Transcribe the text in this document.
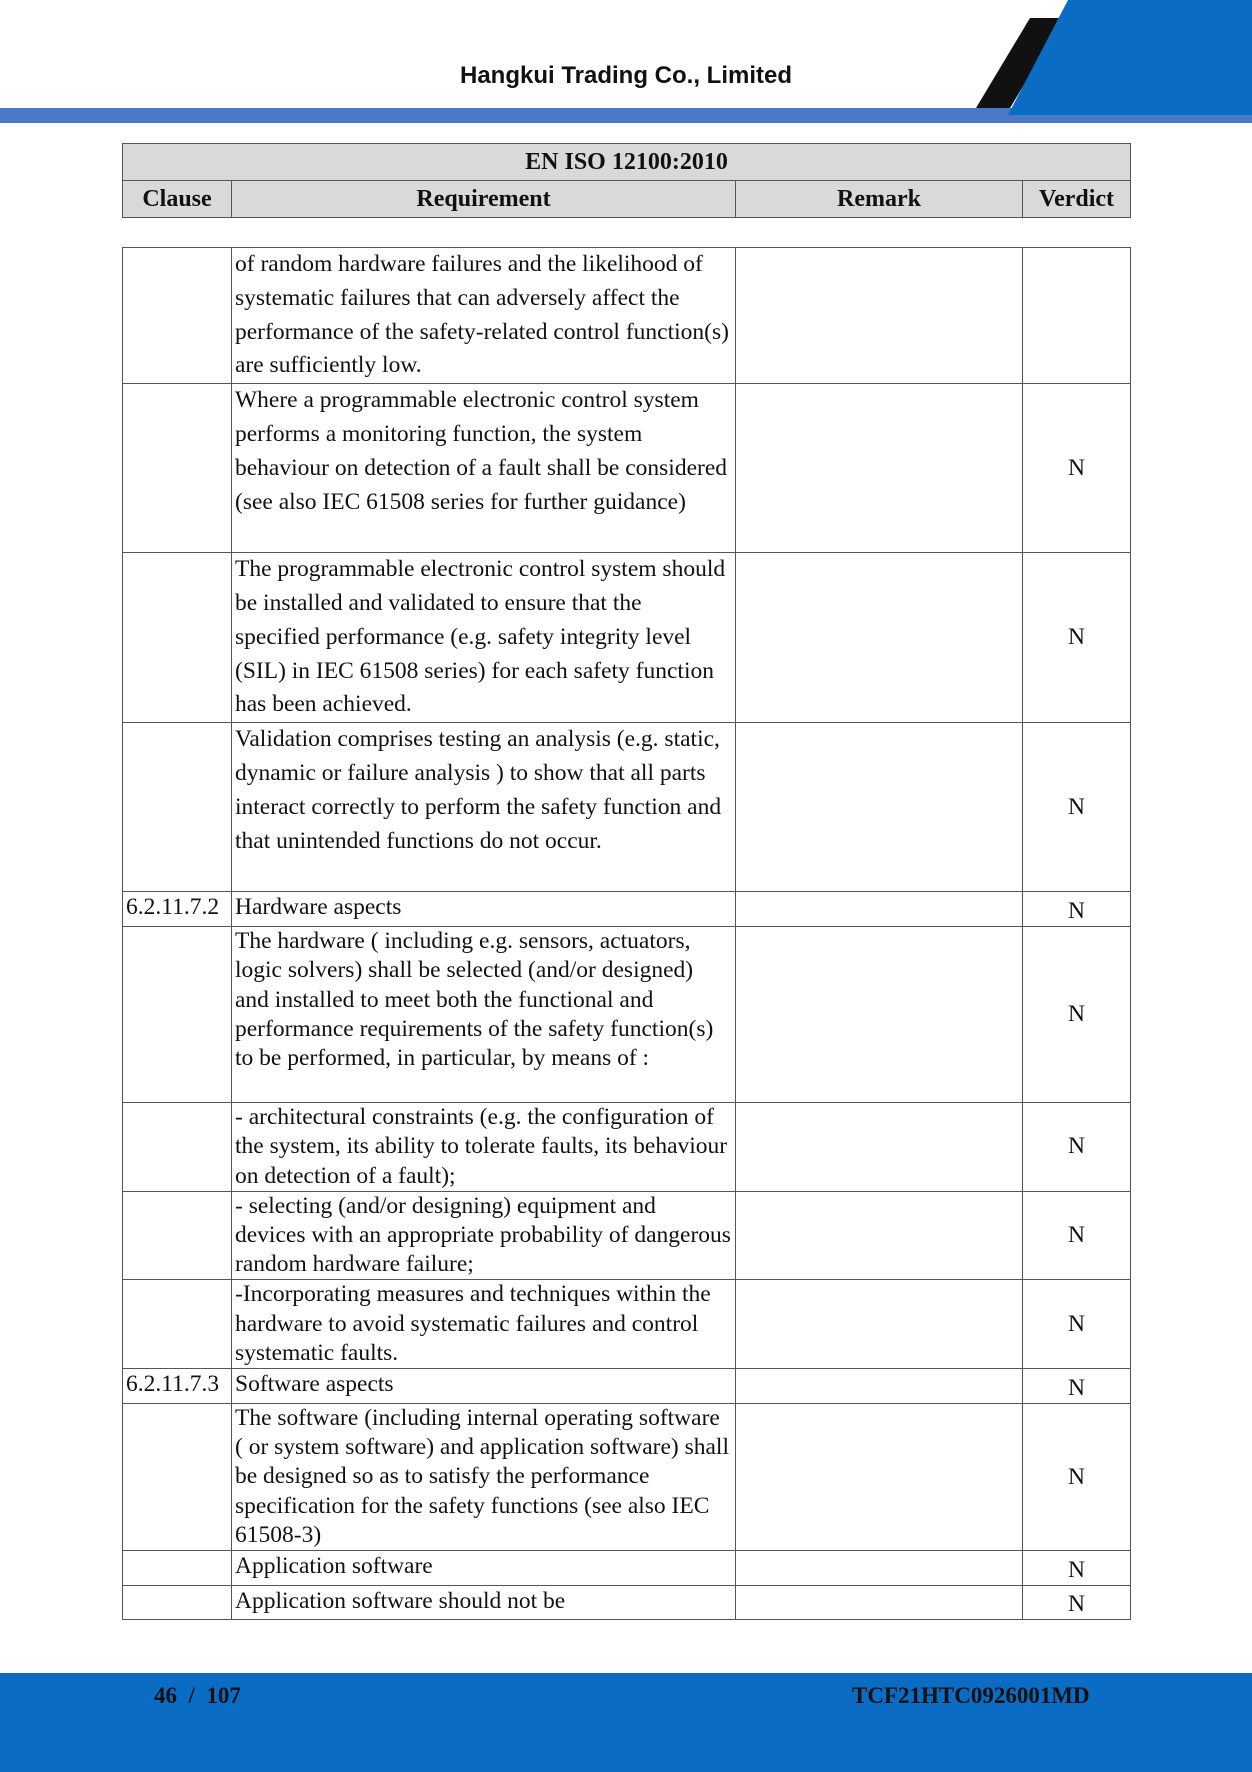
Hangkui Trading Co., Limited
EN ISO 12100:2010
Clause	Requirement	Remark	Verdict
	of random hardware failures and the likelihood of systematic failures that can adversely affect the performance of the safety-related control function(s) are sufficiently low.		
	Where a programmable electronic control system performs a monitoring function, the system behaviour on detection of a fault shall be considered (see also IEC 61508 series for further guidance)		N
	The programmable electronic control system should be installed and validated to ensure that the specified performance (e.g. safety integrity level (SIL) in IEC 61508 series) for each safety function has been achieved.		N
	Validation comprises testing an analysis (e.g. static, dynamic or failure analysis ) to show that all parts interact correctly to perform the safety function and that unintended functions do not occur.		N
6.2.11.7.2	Hardware aspects		N
	The hardware ( including e.g. sensors, actuators, logic solvers) shall be selected (and/or designed) and installed to meet both the functional and performance requirements of the safety function(s) to be performed, in particular, by means of :		N
	- architectural constraints (e.g. the configuration of the system, its ability to tolerate faults, its behaviour on detection of a fault);		N
	- selecting (and/or designing) equipment and devices with an appropriate probability of dangerous random hardware failure;		N
	-Incorporating measures and techniques within the hardware to avoid systematic failures and control systematic faults.		N
6.2.11.7.3	Software aspects		N
	The software (including internal operating software ( or system software) and application software) shall be designed so as to satisfy the performance specification for the safety functions (see also IEC 61508-3)		N
	Application software		N
	Application software should not be		N
46  /  107	TCF21HTC0926001MD
